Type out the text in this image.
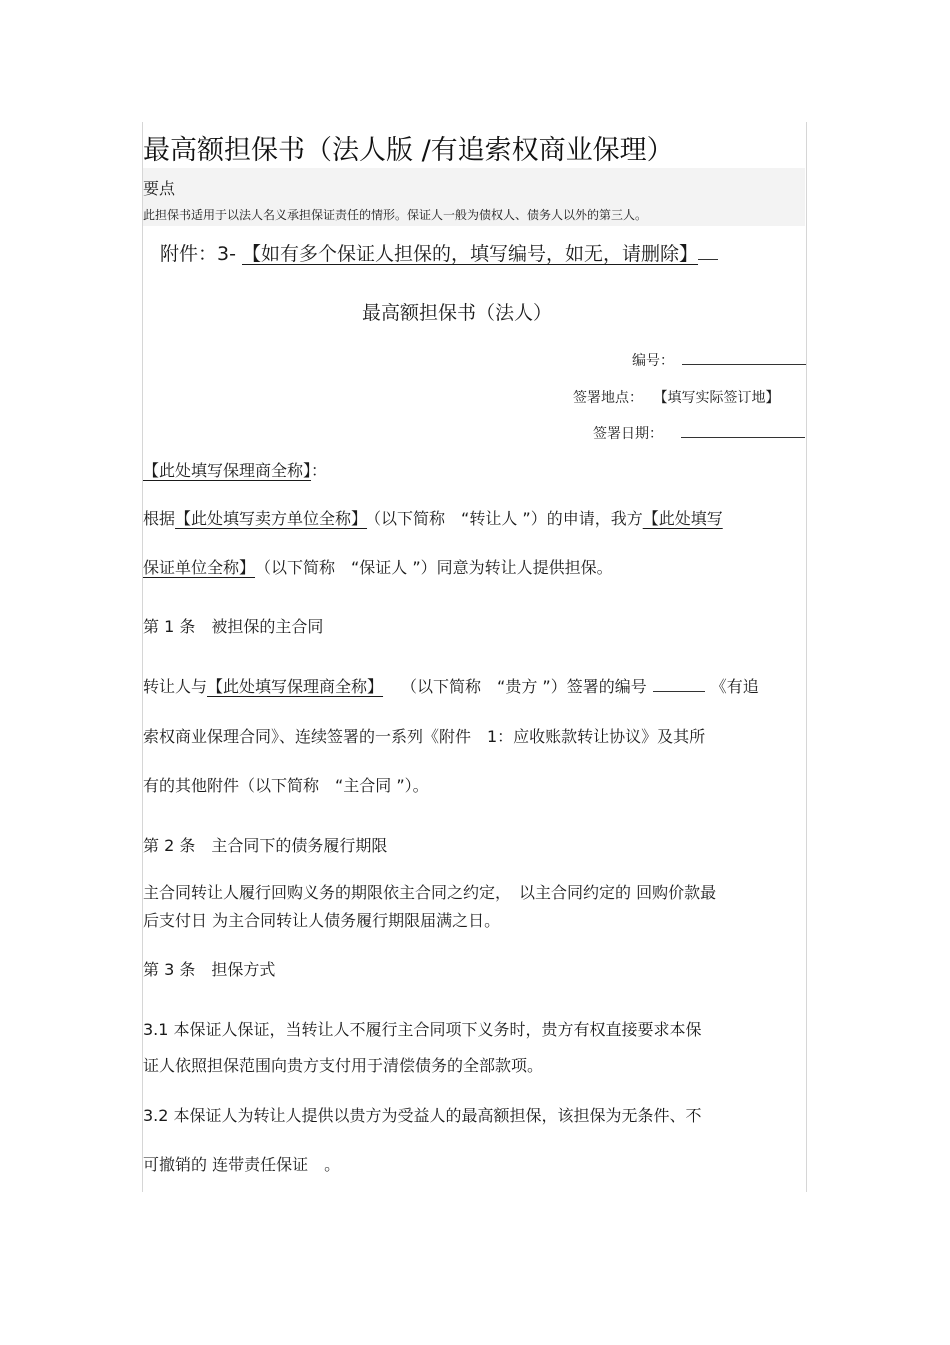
最高额担保书（法人版 /有追索权商业保理）
要点
此担保书适用于以法人名义承担保证责任的情形。保证人一般为债权人、债务人以外的第三人。
附件：3- 【如有多个保证人担保的，填写编号，如无，请删除】
最高额担保书（法人）
编号：
签署地点： 【填写实际签订地】
签署日期：
【此处填写保理商全称】：
根据【此处填写卖方单位全称】 （以下简称　“转让人 ”）的申请，我方【此处填写
保证单位全称】 （以下简称　“保证人 ”）同意为转让人提供担保。
第 1 条　被担保的主合同
转让人与【此处填写保理商全称】 （以下简称　“贵方 ”）签署的编号	《有追
索权商业保理合同》、连续签署的一系列《附件　1：应收账款转让协议》及其所
有的其他附件（以下简称　“主合同 ”）。
第 2 条　主合同下的债务履行期限
主合同转让人履行回购义务的期限依主合同之约定，　以主合同约定的 回购价款最
后支付日 为主合同转让人债务履行期限届满之日。
第 3 条　担保方式
3.1 本保证人保证，当转让人不履行主合同项下义务时，贵方有权直接要求本保
证人依照担保范围向贵方支付用于清偿债务的全部款项。
3.2 本保证人为转让人提供以贵方为受益人的最高额担保，该担保为无条件、不
可撤销的 连带责任保证　。
